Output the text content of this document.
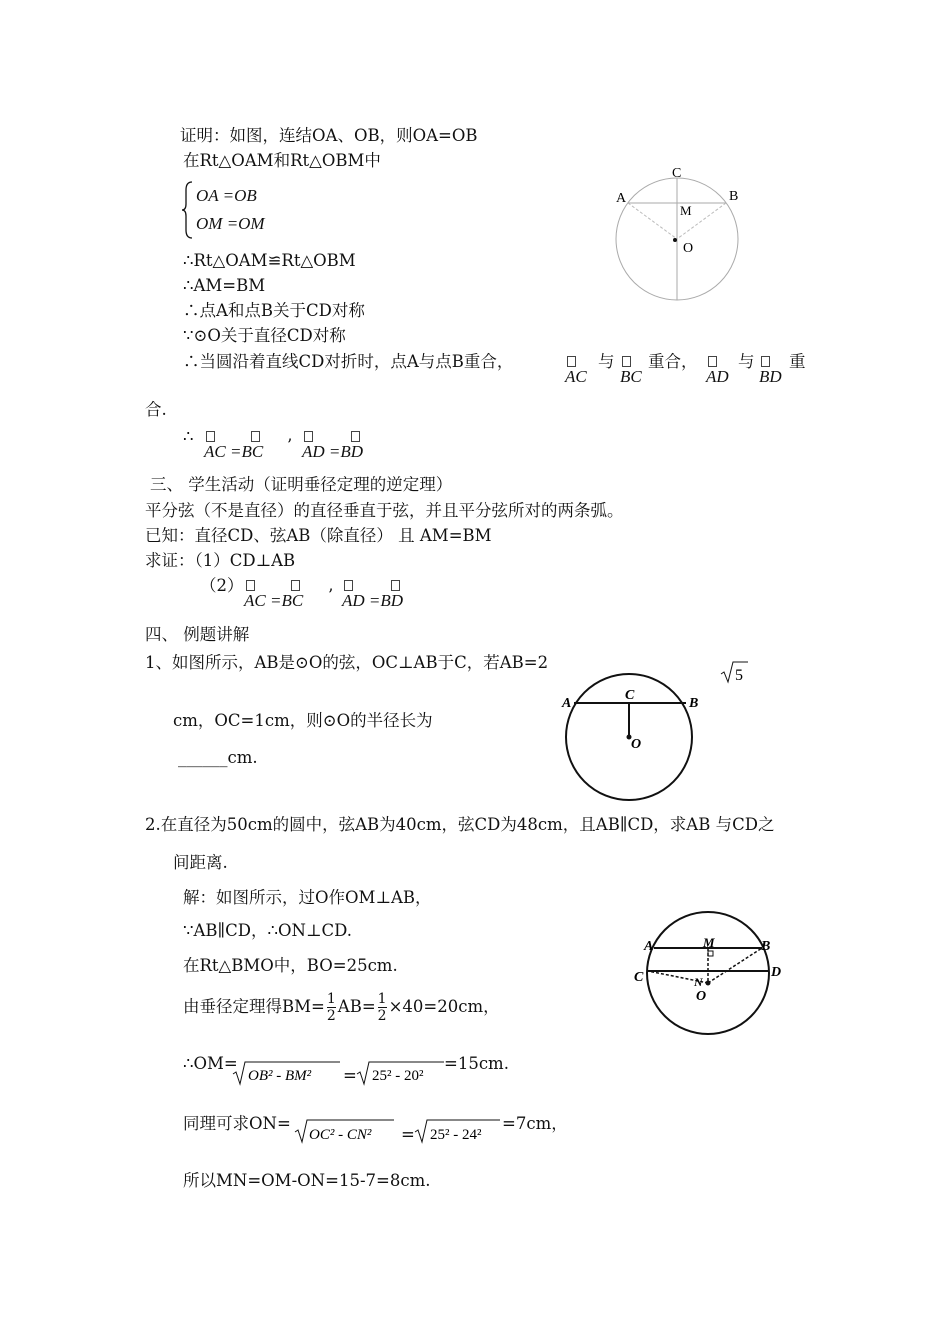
证明：如图，连结OA、OB，则OA=OB
在Rt△OAM和Rt△OBM中
OA =OB
OM =OM
∴Rt△OAM≌Rt△OBM
∴AM=BM
∴点A和点B关于CD对称
∵⊙O关于直径CD对称
∴当圆沿着直线CD对折时，点A与点B重合，
AC
与
BC
重合，
AD
与
BD
重
合.
∴
AC =BC ’ AD =BD
A	B
C
M
O
三、 学生活动（证明垂径定理的逆定理）
平分弦（不是直径）的直径垂直于弦，并且平分弦所对的两条弧。
已知：直径CD、弦AB（除直径） 且 AM=BM
求证：（1）CD⊥AB
（2）
AC =BC ’ AD =BD
四、 例题讲解
1、如图所示，AB是⊙O的弦，OC⊥AB于C，若AB=2
5
cm，OC=1cm，则⊙O的半径长为
______cm.
A	B
C
O
2.在直径为50cm的圆中，弦AB为40cm，弦CD为48cm，且AB∥CD，求AB 与CD之
间距离.
解：如图所示，过O作OM⊥AB，
∵AB∥CD，∴ON⊥CD.
在Rt△BMO中，BO=25cm.
由垂径定理得$BM= \frac{1}{2} AB= \frac{1}{2} \times 40=20cm$，
∴OM=
OB² - BM² = 25² - 20²
=15cm.
同理可求ON=
OC² - CN² = 25² - 24²
=7cm，
所以MN=OM-ON=15-7=8cm.
A	B
C	D
M
N
O
